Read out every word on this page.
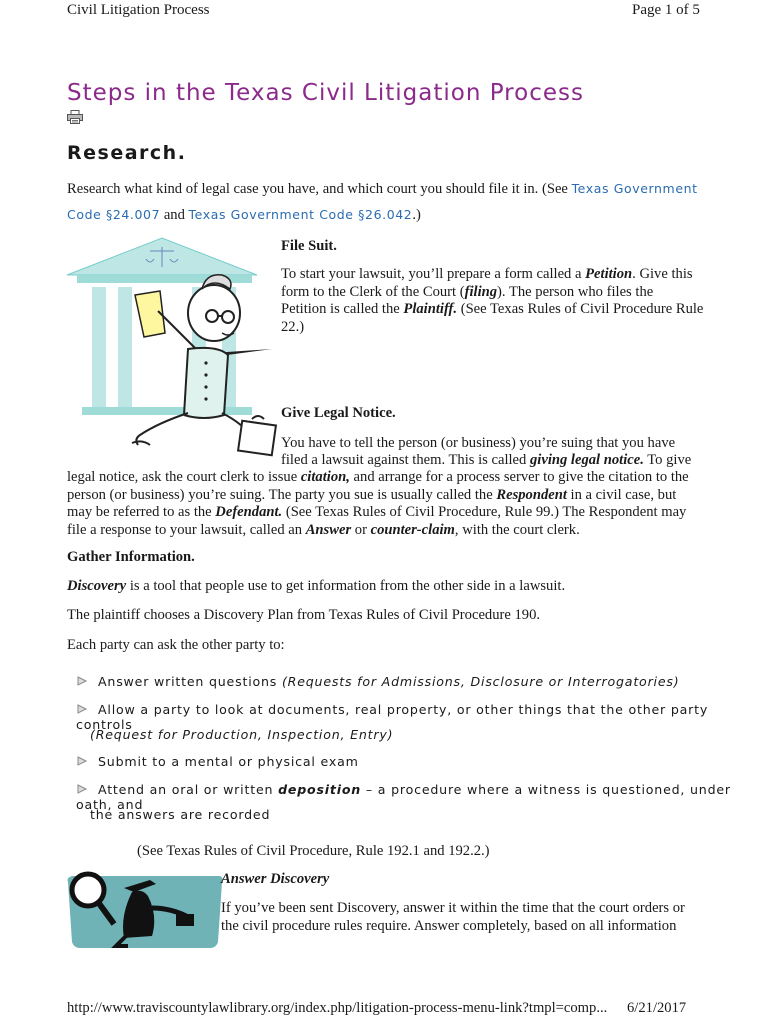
Civil Litigation Process	Page 1 of 5
Steps in the Texas Civil Litigation Process
Research.
Research what kind of legal case you have, and which court you should file it in. (See Texas Government
Code §24.007 and Texas Government Code §26.042.)
File Suit.
To start your lawsuit, you’ll prepare a form called a Petition. Give this
form to the Clerk of the Court (filing). The person who files the
Petition is called the Plaintiff. (See Texas Rules of Civil Procedure Rule
22.)
Give Legal Notice.
You have to tell the person (or business) you’re suing that you have
filed a lawsuit against them. This is called giving legal notice. To give
legal notice, ask the court clerk to issue citation, and arrange for a process server to give the citation to the
person (or business) you’re suing. The party you sue is usually called the Respondent in a civil case, but
may be referred to as the Defendant. (See Texas Rules of Civil Procedure, Rule 99.) The Respondent may
file a response to your lawsuit, called an Answer or counter-claim, with the court clerk.
Gather Information.
Discovery is a tool that people use to get information from the other side in a lawsuit.
The plaintiff chooses a Discovery Plan from Texas Rules of Civil Procedure 190.
Each party can ask the other party to:
Answer written questions (Requests for Admissions, Disclosure or Interrogatories)
Allow a party to look at documents, real property, or other things that the other party controls
(Request for Production, Inspection, Entry)
Submit to a mental or physical exam
Attend an oral or written deposition – a procedure where a witness is questioned, under oath, and
the answers are recorded
(See Texas Rules of Civil Procedure, Rule 192.1 and 192.2.)
Answer Discovery
If you’ve been sent Discovery, answer it within the time that the court orders or
the civil procedure rules require. Answer completely, based on all information
http://www.traviscountylawlibrary.org/index.php/litigation-process-menu-link?tmpl=comp... 6/21/2017
